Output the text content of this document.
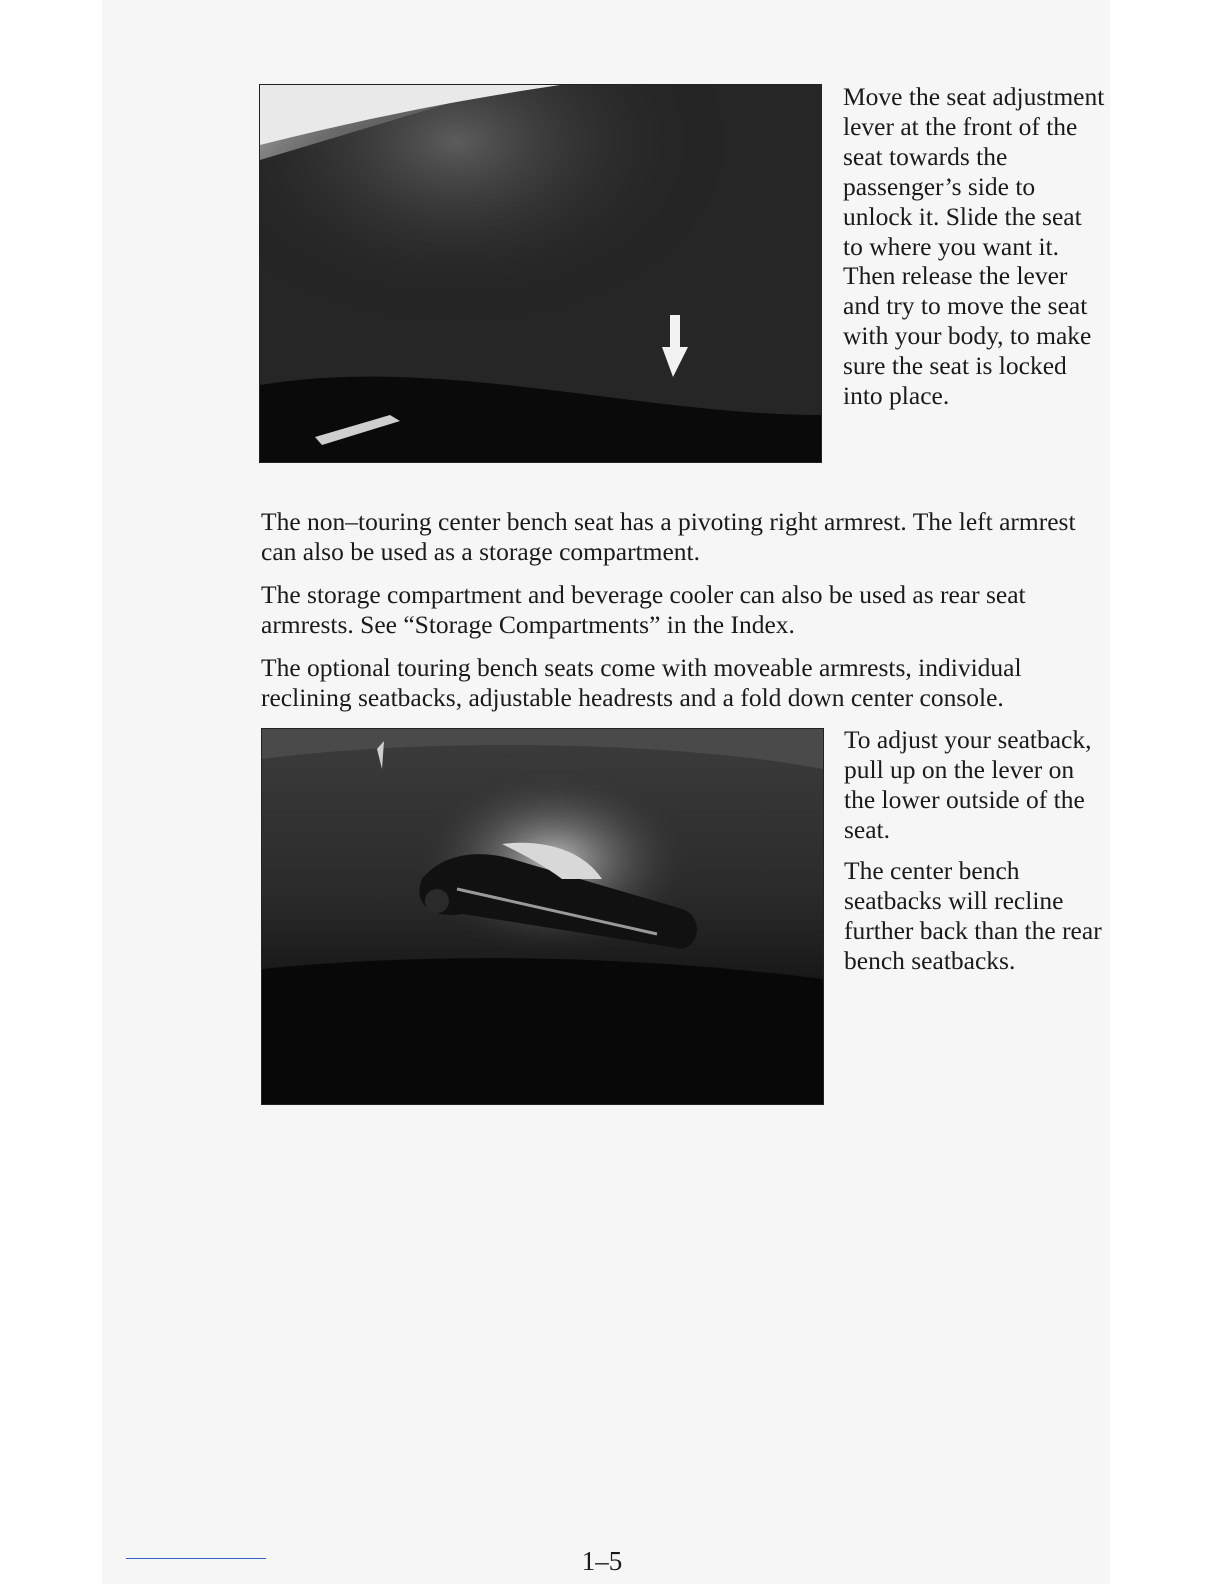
Move the seat adjustment lever at the front of the seat towards the passenger’s side to unlock it. Slide the seat to where you want it. Then release the lever and try to move the seat with your body, to make sure the seat is locked into place.

The non–touring center bench seat has a pivoting right armrest. The left armrest can also be used as a storage compartment.

The storage compartment and beverage cooler can also be used as rear seat armrests. See “Storage Compartments” in the Index.

The optional touring bench seats come with moveable armrests, individual reclining seatbacks, adjustable headrests and a fold down center console.

To adjust your seatback, pull up on the lever on the lower outside of the seat.

The center bench seatbacks will recline further back than the rear bench seatbacks.

1–5
